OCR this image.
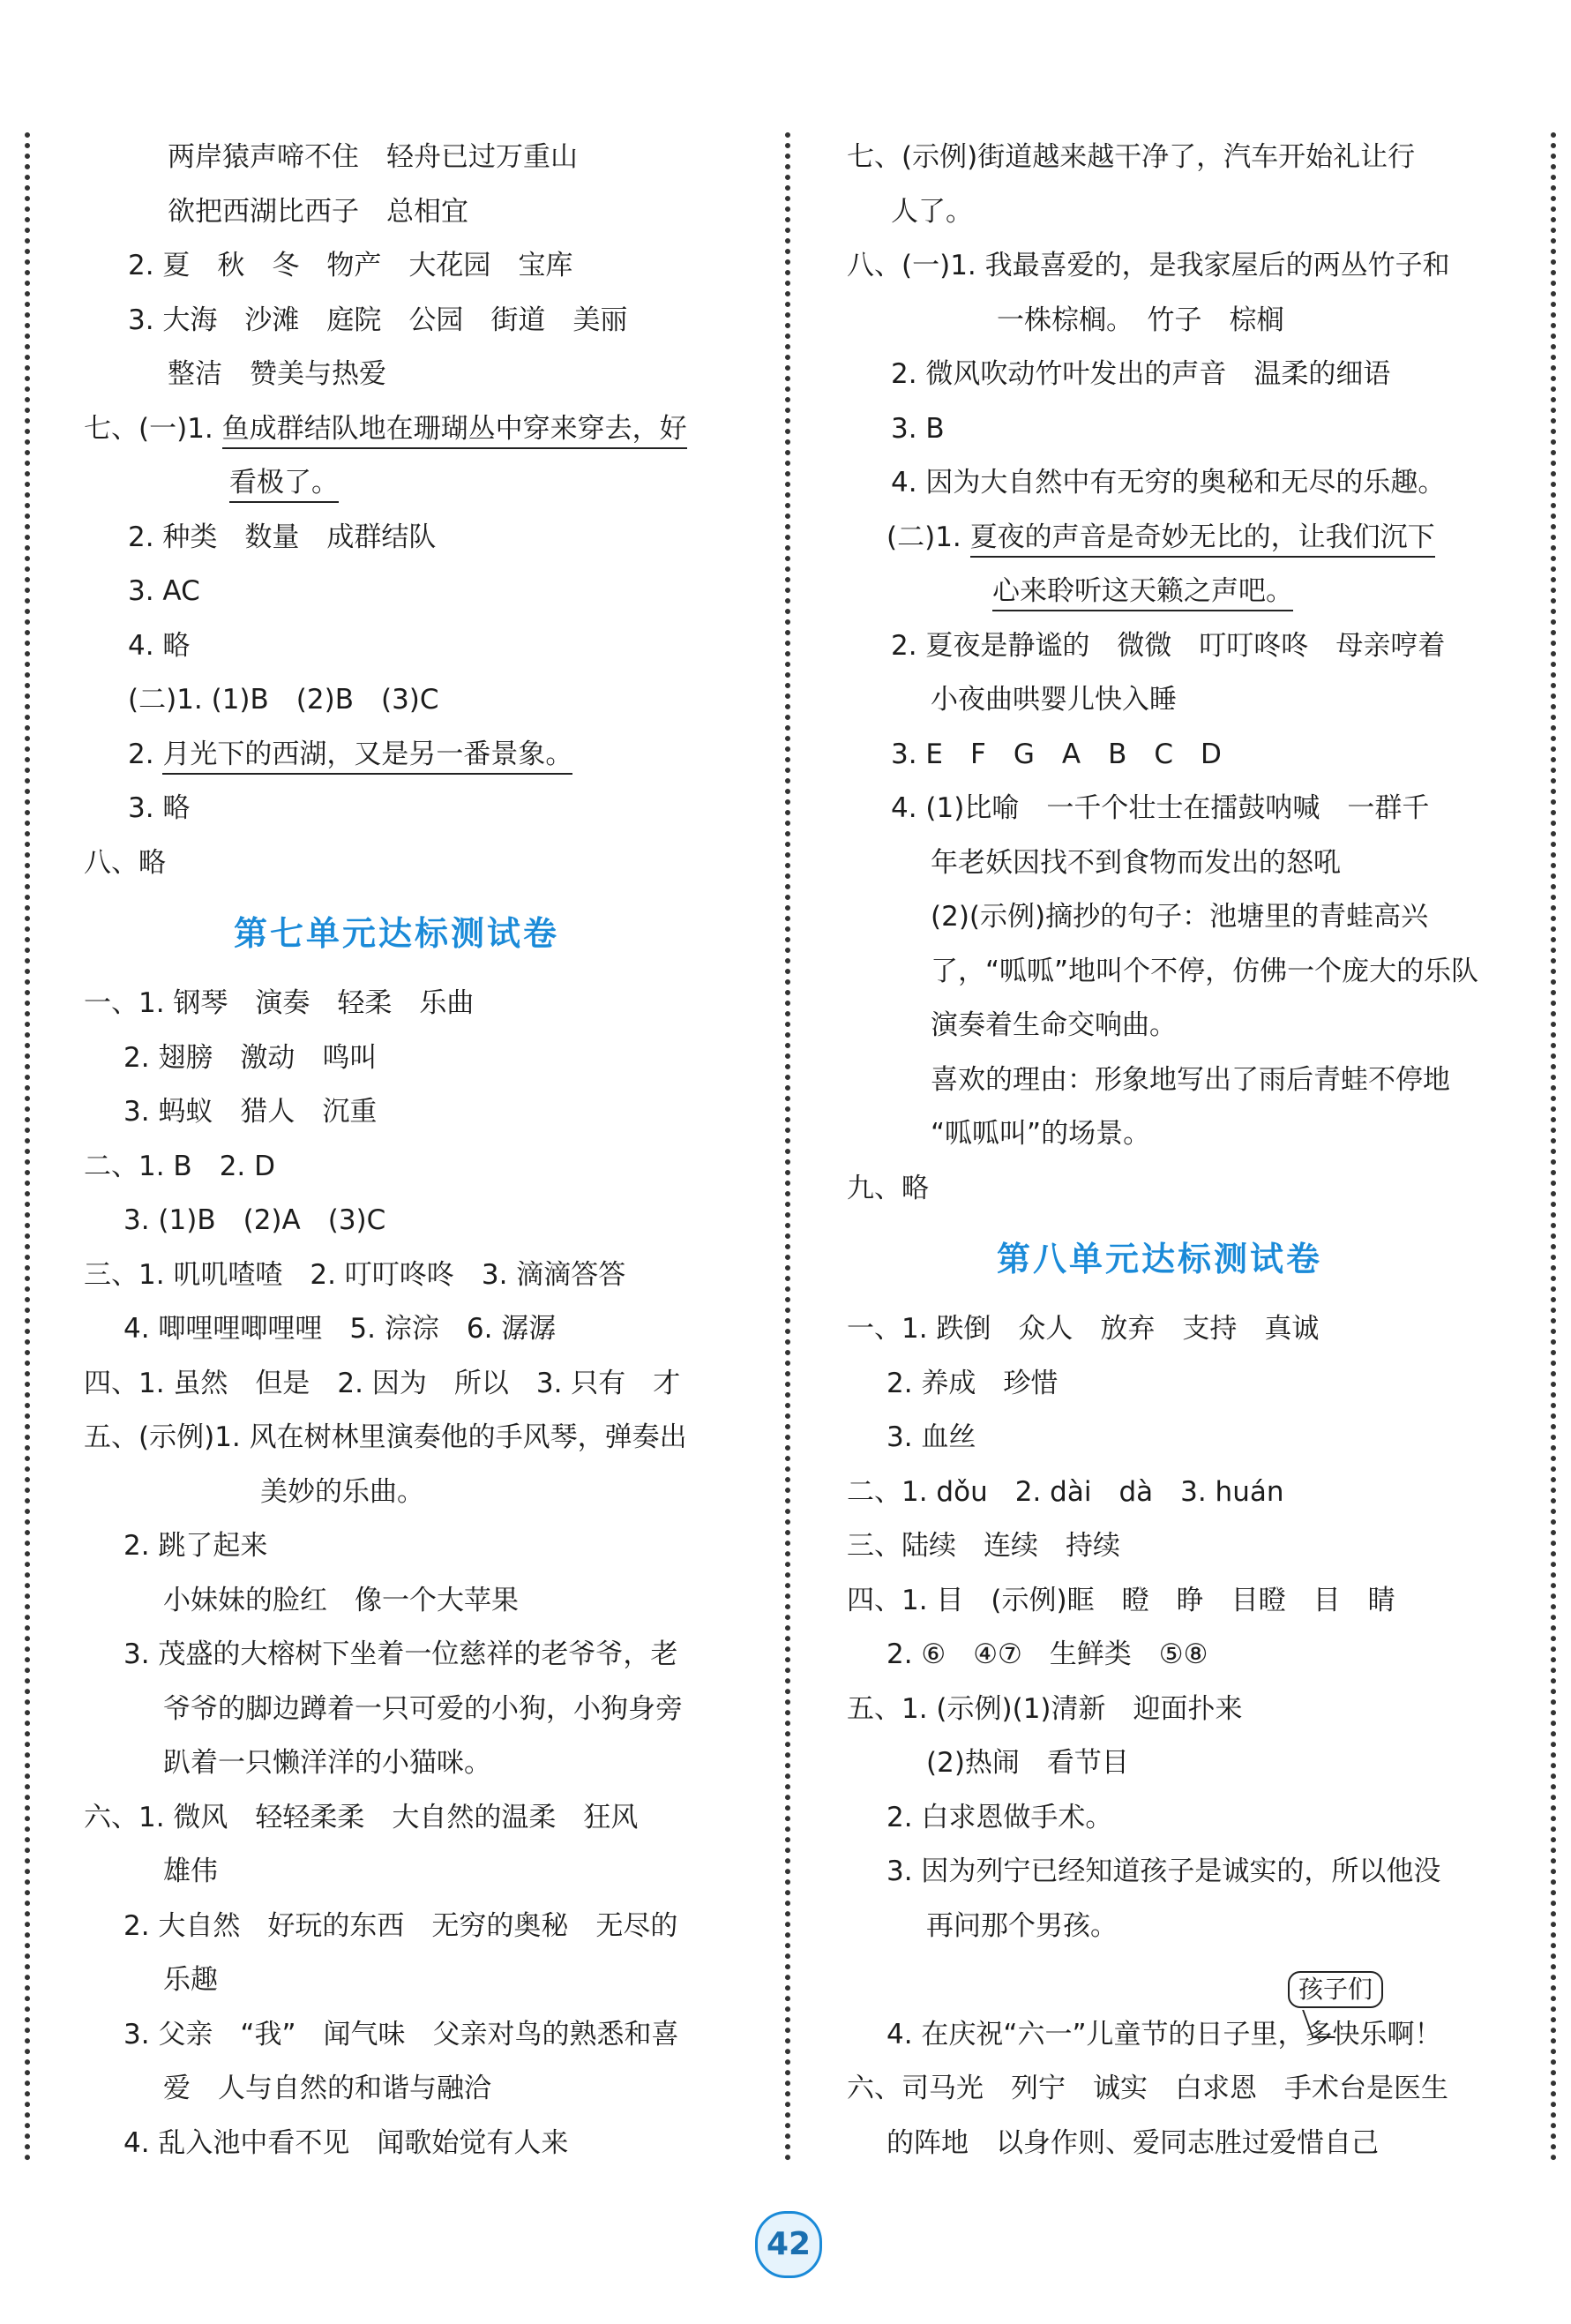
两岸猿声啼不住　轻舟已过万重山
欲把西湖比西子　总相宜
2. 夏　秋　冬　物产　大花园　宝库
3. 大海　沙滩　庭院　公园　街道　美丽
整洁　赞美与热爱
七、(一)1. 鱼成群结队地在珊瑚丛中穿来穿去，好
看极了。
2. 种类　数量　成群结队
3. AC
4. 略
(二)1. (1)B　(2)B　(3)C
2. 月光下的西湖，又是另一番景象。
3. 略
八、略
第七单元达标测试卷
一、1. 钢琴　演奏　轻柔　乐曲
2. 翅膀　激动　鸣叫
3. 蚂蚁　猎人　沉重
二、1. B　2. D
3. (1)B　(2)A　(3)C
三、1. 叽叽喳喳　2. 叮叮咚咚　3. 滴滴答答
4. 唧哩哩唧哩哩　5. 淙淙　6. 潺潺
四、1. 虽然　但是　2. 因为　所以　3. 只有　才
五、(示例)1. 风在树林里演奏他的手风琴，弹奏出
美妙的乐曲。
2. 跳了起来
小妹妹的脸红　像一个大苹果
3. 茂盛的大榕树下坐着一位慈祥的老爷爷，老
爷爷的脚边蹲着一只可爱的小狗，小狗身旁
趴着一只懒洋洋的小猫咪。
六、1. 微风　轻轻柔柔　大自然的温柔　狂风
雄伟
2. 大自然　好玩的东西　无穷的奥秘　无尽的
乐趣
3. 父亲　“我”　闻气味　父亲对鸟的熟悉和喜
爱　人与自然的和谐与融洽
4. 乱入池中看不见　闻歌始觉有人来
七、(示例)街道越来越干净了，汽车开始礼让行
人了。
八、(一)1. 我最喜爱的，是我家屋后的两丛竹子和
一株棕榈。　竹子　棕榈
2. 微风吹动竹叶发出的声音　温柔的细语
3. B
4. 因为大自然中有无穷的奥秘和无尽的乐趣。
(二)1. 夏夜的声音是奇妙无比的，让我们沉下
心来聆听这天籁之声吧。
2. 夏夜是静谧的　微微　叮叮咚咚　母亲哼着
小夜曲哄婴儿快入睡
3. E　F　G　A　B　C　D
4. (1)比喻　一千个壮士在擂鼓呐喊　一群千
年老妖因找不到食物而发出的怒吼
(2)(示例)摘抄的句子：池塘里的青蛙高兴
了，“呱呱”地叫个不停，仿佛一个庞大的乐队
演奏着生命交响曲。
喜欢的理由：形象地写出了雨后青蛙不停地
“呱呱叫”的场景。
九、略
第八单元达标测试卷
一、1. 跌倒　众人　放弃　支持　真诚
2. 养成　珍惜
3. 血丝
二、1. dǒu　2. dài　dà　3. huán
三、陆续　连续　持续
四、1. 目　(示例)眶　瞪　睁　目瞪　目　睛
2. ⑥　④⑦　生鲜类　⑤⑧
五、1. (示例)(1)清新　迎面扑来
(2)热闹　看节目
2. 白求恩做手术。
3. 因为列宁已经知道孩子是诚实的，所以他没
再问那个男孩。
4. 在庆祝“六一”儿童节的日子里，多快乐啊！
孩子们
六、司马光　列宁　诚实　白求恩　手术台是医生
的阵地　以身作则、爱同志胜过爱惜自己
42
